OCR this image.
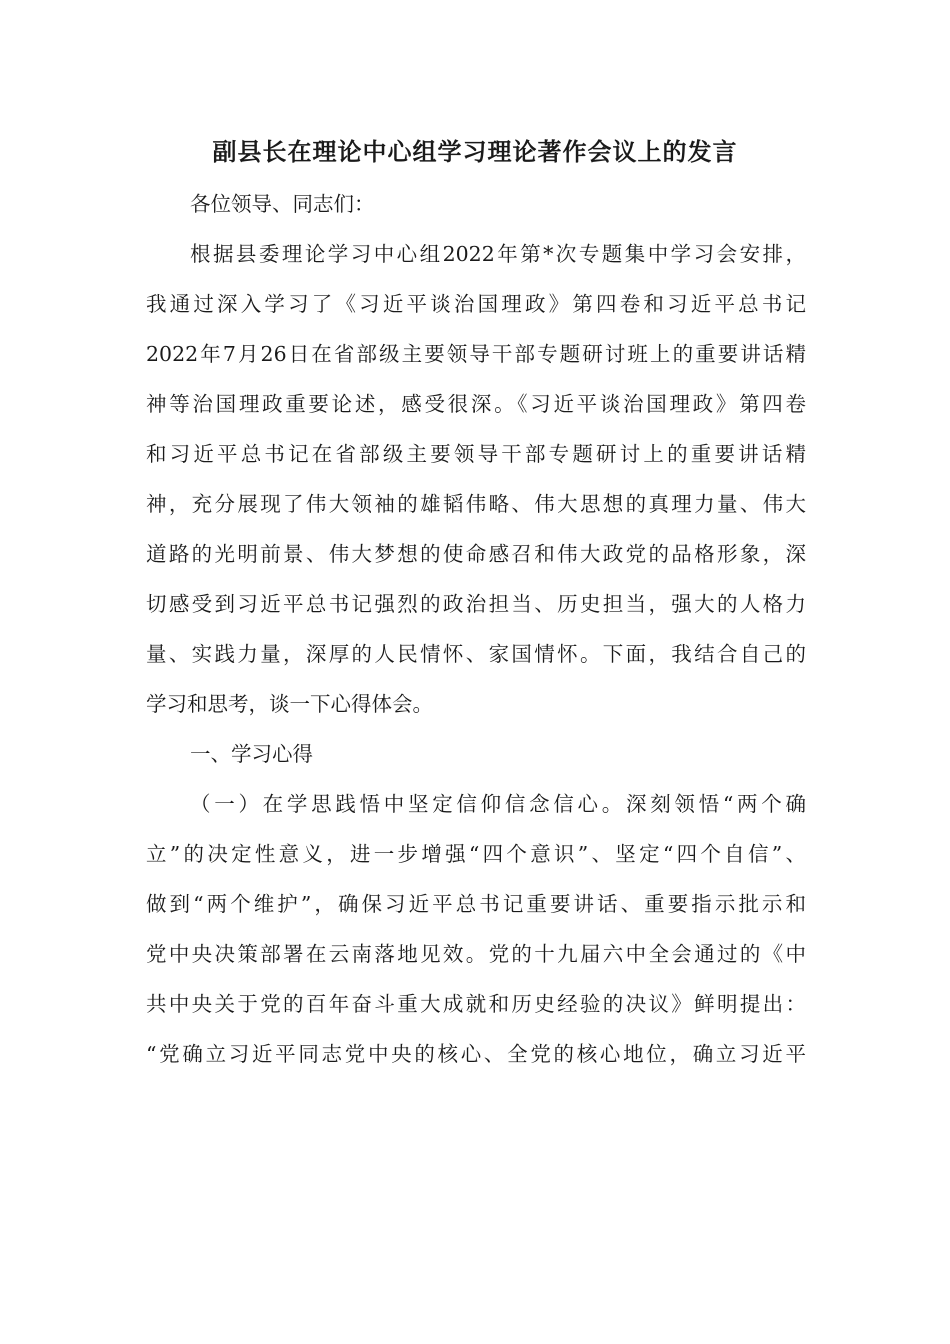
副县长在理论中心组学习理论著作会议上的发言
各位领导、同志们：
根据县委理论学习中心组2022年第*次专题集中学习会安排，
我通过深入学习了《习近平谈治国理政》第四卷和习近平总书记
2022年7月26日在省部级主要领导干部专题研讨班上的重要讲话精
神等治国理政重要论述，感受很深。《习近平谈治国理政》第四卷
和习近平总书记在省部级主要领导干部专题研讨上的重要讲话精
神，充分展现了伟大领袖的雄韬伟略、伟大思想的真理力量、伟大
道路的光明前景、伟大梦想的使命感召和伟大政党的品格形象，深
切感受到习近平总书记强烈的政治担当、历史担当，强大的人格力
量、实践力量，深厚的人民情怀、家国情怀。下面，我结合自己的
学习和思考，谈一下心得体会。
一、学习心得
（一）在学思践悟中坚定信仰信念信心。深刻领悟“两个确
立”的决定性意义，进一步增强“四个意识”、坚定“四个自信”、
做到“两个维护”，确保习近平总书记重要讲话、重要指示批示和
党中央决策部署在云南落地见效。党的十九届六中全会通过的《中
共中央关于党的百年奋斗重大成就和历史经验的决议》鲜明提出：
“党确立习近平同志党中央的核心、全党的核心地位，确立习近平
